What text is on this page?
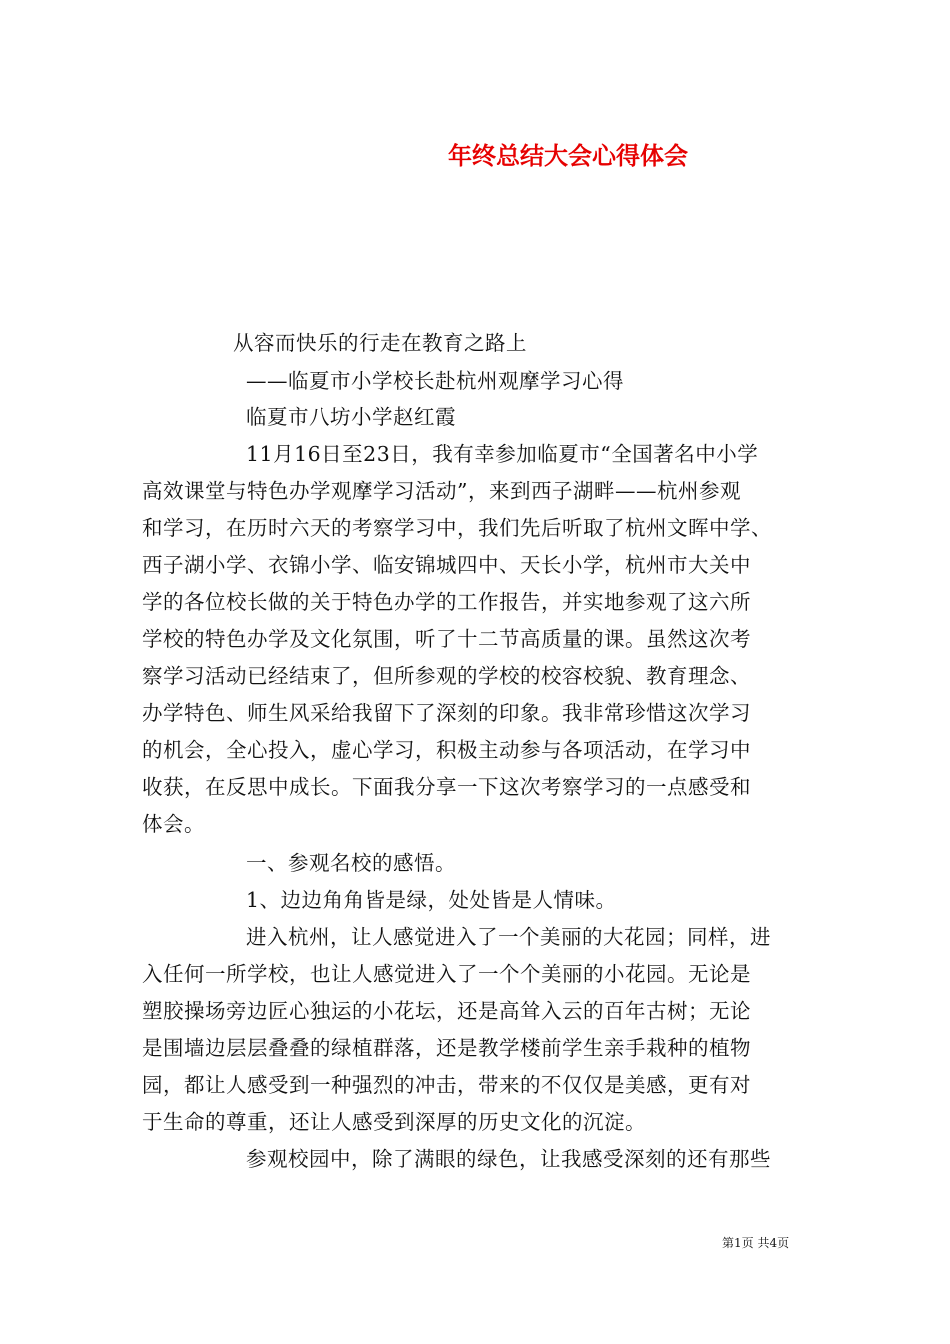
年终总结大会心得体会
从容而快乐的行走在教育之路上
——临夏市小学校长赴杭州观摩学习心得
临夏市八坊小学赵红霞
11月16日至23日，我有幸参加临夏市“全国著名中小学
高效课堂与特色办学观摩学习活动”，来到西子湖畔——杭州参观
和学习，在历时六天的考察学习中，我们先后听取了杭州文晖中学、
西子湖小学、衣锦小学、临安锦城四中、天长小学，杭州市大关中
学的各位校长做的关于特色办学的工作报告，并实地参观了这六所
学校的特色办学及文化氛围，听了十二节高质量的课。虽然这次考
察学习活动已经结束了，但所参观的学校的校容校貌、教育理念、
办学特色、师生风采给我留下了深刻的印象。我非常珍惜这次学习
的机会，全心投入，虚心学习，积极主动参与各项活动，在学习中
收获，在反思中成长。下面我分享一下这次考察学习的一点感受和
体会。
一、参观名校的感悟。
1、边边角角皆是绿，处处皆是人情味。
进入杭州，让人感觉进入了一个美丽的大花园；同样，进
入任何一所学校，也让人感觉进入了一个个美丽的小花园。无论是
塑胶操场旁边匠心独运的小花坛，还是高耸入云的百年古树；无论
是围墙边层层叠叠的绿植群落，还是教学楼前学生亲手栽种的植物
园，都让人感受到一种强烈的冲击，带来的不仅仅是美感，更有对
于生命的尊重，还让人感受到深厚的历史文化的沉淀。
参观校园中，除了满眼的绿色，让我感受深刻的还有那些
第1页 共4页
